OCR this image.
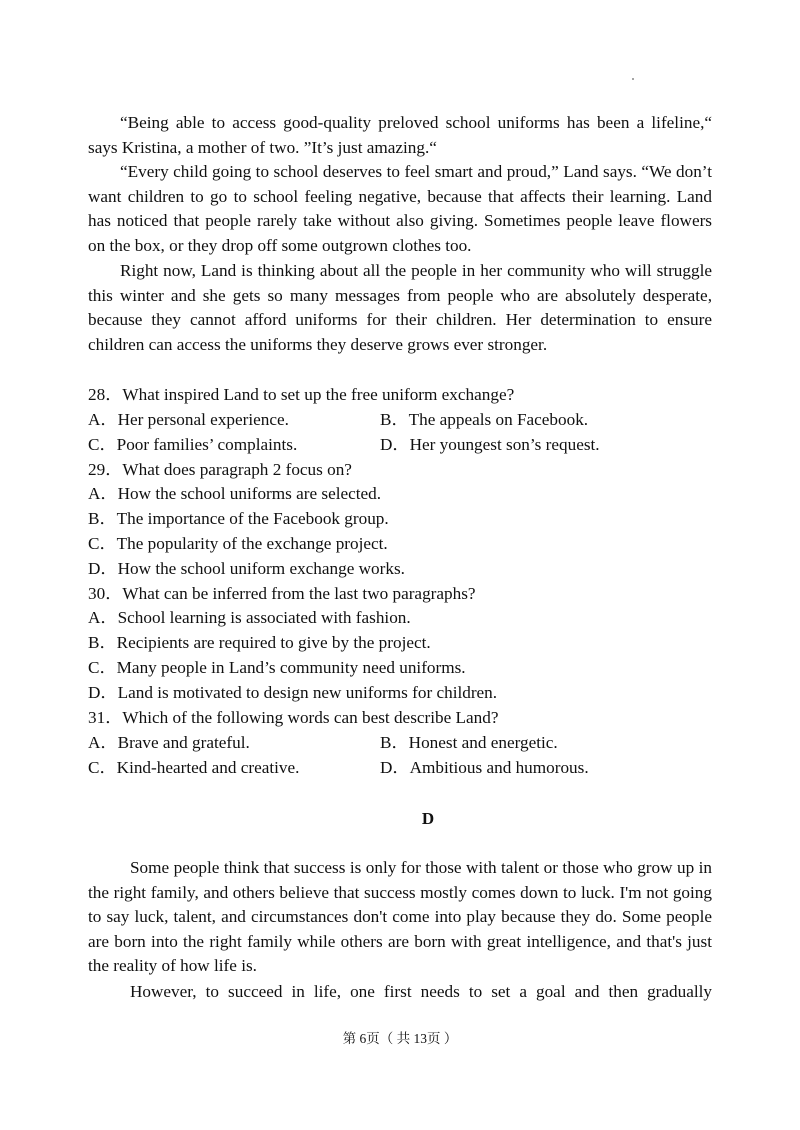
“Being able to access good-quality preloved school uniforms has been a lifeline,“ says Kristina, a mother of two. ”It’s just amazing.“

“Every child going to school deserves to feel smart and proud,” Land says. “We don’t want children to go to school feeling negative, because that affects their learning. Land has noticed that people rarely take without also giving. Sometimes people leave flowers on the box, or they drop off some outgrown clothes too.

Right now, Land is thinking about all the people in her community who will struggle this winter and she gets so many messages from people who are absolutely desperate, because they cannot afford uniforms for their children. Her determination to ensure children can access the uniforms they deserve grows ever stronger.

28．What inspired Land to set up the free uniform exchange?
A．Her personal experience.	B．The appeals on Facebook.
C．Poor families’ complaints.	D．Her youngest son’s request.
29．What does paragraph 2 focus on?
A．How the school uniforms are selected.
B．The importance of the Facebook group.
C．The popularity of the exchange project.
D．How the school uniform exchange works.
30．What can be inferred from the last two paragraphs?
A．School learning is associated with fashion.
B．Recipients are required to give by the project.
C．Many people in Land’s community need uniforms.
D．Land is motivated to design new uniforms for children.
31．Which of the following words can best describe Land?
A．Brave and grateful.	B．Honest and energetic.
C．Kind-hearted and creative.	D．Ambitious and humorous.
D

Some people think that success is only for those with talent or those who grow up in the right family, and others believe that success mostly comes down to luck. I'm not going to say luck, talent, and circumstances don't come into play because they do. Some people are born into the right family while others are born with great intelligence, and that's just the reality of how life is.

However, to succeed in life, one first needs to set a goal and then gradually

第 6页（ 共 13页 ）
